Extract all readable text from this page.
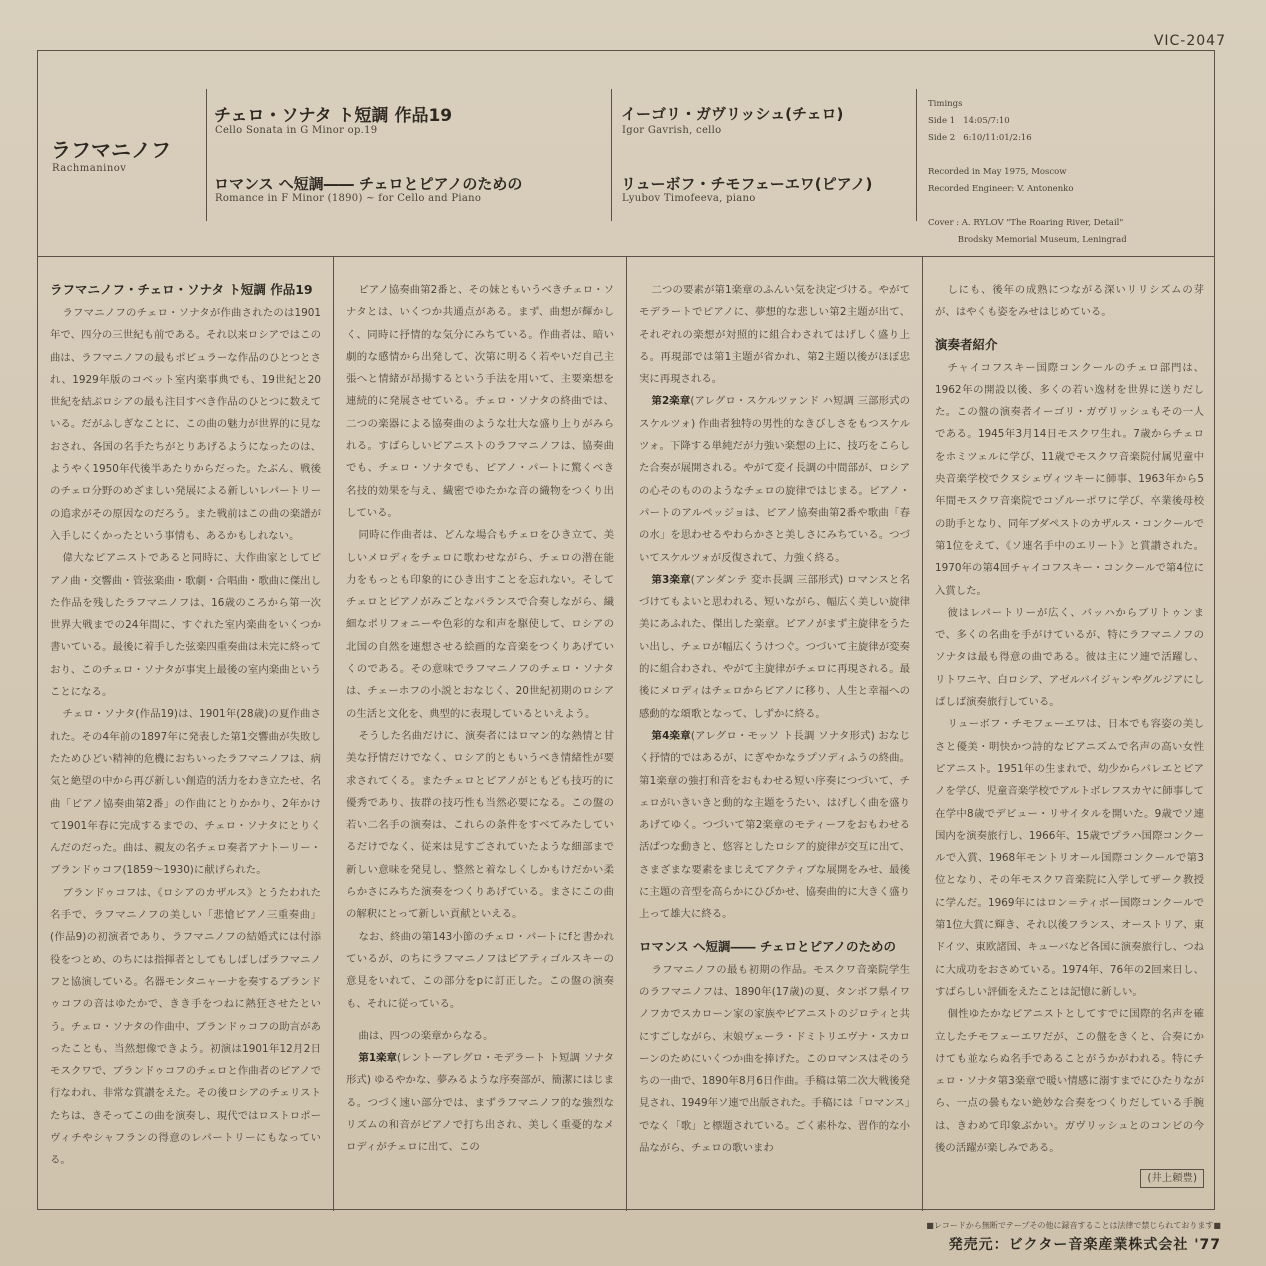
VIC-2047
ラフマニノフ
Rachmaninov
チェロ・ソナタ ト短調 作品19
Cello Sonata in G Minor op.19
ロマンス へ短調―― チェロとピアノのための
Romance in F Minor (1890) ~ for Cello and Piano
イーゴリ・ガヴリッシュ(チェロ)
Igor Gavrish, cello
リューボフ・チモフェーエワ(ピアノ)
Lyubov Timofeeva, piano
Timings
Side 1   14:05/7:10
Side 2   6:10/11:01/2:16

Recorded in May 1975, Moscow
Recorded Engineer: V. Antonenko

Cover : A. RYLOV "The Roaring River, Detail"
Brodsky Memorial Museum, Leningrad
ラフマニノフ・チェロ・ソナタ ト短調 作品19

ラフマニノフのチェロ・ソナタが作曲されたのは1901年で、四分の三世紀も前である。それ以来ロシアではこの曲は、ラフマニノフの最もポピュラーな作品のひとつとされ、1929年版のコベット室内楽事典でも、19世紀と20世紀を結ぶロシアの最も注目すべき作品のひとつに数えている。だがふしぎなことに、この曲の魅力が世界的に見なおされ、各国の名手たちがとりあげるようになったのは、ようやく1950年代後半あたりからだった。たぶん、戦後のチェロ分野のめざましい発展による新しいレパートリーの追求がその原因なのだろう。また戦前はこの曲の楽譜が入手しにくかったという事情も、あるかもしれない。

偉大なピアニストであると同時に、大作曲家としてピアノ曲・交響曲・管弦楽曲・歌劇・合唱曲・歌曲に傑出した作品を残したラフマニノフは、16歳のころから第一次世界大戦までの24年間に、すぐれた室内楽曲をいくつか書いている。最後に着手した弦楽四重奏曲は未完に終っており、このチェロ・ソナタが事実上最後の室内楽曲ということになる。

チェロ・ソナタ(作品19)は、1901年(28歳)の夏作曲された。その4年前の1897年に発表した第1交響曲が失敗したためひどい精神的危機におちいったラフマニノフは、病気と絶望の中から再び新しい創造的活力をわき立たせ、名曲「ピアノ協奏曲第2番」の作曲にとりかかり、2年かけて1901年春に完成するまでの、チェロ・ソナタにとりくんだのだった。曲は、親友の名チェロ奏者アナトーリー・ブランドゥコフ(1859〜1930)に献げられた。

ブランドゥコフは、《ロシアのカザルス》とうたわれた名手で、ラフマニノフの美しい「悲愴ピアノ三重奏曲」(作品9)の初演者であり、ラフマニノフの結婚式には付添役をつとめ、のちには指揮者としてもしばしばラフマニノフと協演している。名器モンタニャーナを奏するブランドゥコフの音はゆたかで、きき手をつねに熱狂させたという。チェロ・ソナタの作曲中、ブランドゥコフの助言があったことも、当然想像できよう。初演は1901年12月2日モスクワで、ブランドゥコフのチェロと作曲者のピアノで行なわれ、非常な賞讃をえた。その後ロシアのチェリストたちは、きそってこの曲を演奏し、現代ではロストロポーヴィチやシャフランの得意のレパートリーにもなっている。

ピアノ協奏曲第2番と、その妹ともいうべきチェロ・ソナタとは、いくつか共通点がある。まず、曲想が輝かしく、同時に抒情的な気分にみちている。作曲者は、暗い劇的な感情から出発して、次第に明るく若やいだ自己主張へと情緒が昂揚するという手法を用いて、主要楽想を連続的に発展させている。チェロ・ソナタの終曲では、二つの楽器による協奏曲のような壮大な盛り上りがみられる。すばらしいピアニストのラフマニノフは、協奏曲でも、チェロ・ソナタでも、ピアノ・パートに驚くべき名技的効果を与え、繊密でゆたかな音の織物をつくり出している。

同時に作曲者は、どんな場合もチェロをひき立て、美しいメロディをチェロに歌わせながら、チェロの潜在能力をもっとも印象的にひき出すことを忘れない。そしてチェロとピアノがみごとなバランスで合奏しながら、繊細なポリフォニーや色彩的な和声を駆使して、ロシアの北国の自然を連想させる絵画的な音楽をつくりあげていくのである。その意味でラフマニノフのチェロ・ソナタは、チェーホフの小説とおなじく、20世紀初期のロシアの生活と文化を、典型的に表現しているといえよう。

そうした名曲だけに、演奏者にはロマン的な熱情と甘美な抒情だけでなく、ロシア的ともいうべき情緒性が要求されてくる。またチェロとピアノがともども技巧的に優秀であり、抜群の技巧性も当然必要になる。この盤の若い二名手の演奏は、これらの条件をすべてみたしているだけでなく、従来は見すごされていたような細部まで新しい意味を発見し、整然と着なしくしかもけだかい柔らかさにみちた演奏をつくりあげている。まさにこの曲の解釈にとって新しい貢献といえる。

なお、終曲の第143小節のチェロ・パートにfと書かれているが、のちにラフマニノフはピアティゴルスキーの意見をいれて、この部分をpに訂正した。この盤の演奏も、それに従っている。

曲は、四つの楽章からなる。

第1楽章(レントーアレグロ・モデラート ト短調 ソナタ形式) ゆるやかな、夢みるような序奏部が、簡潔にはじまる。つづく速い部分では、まずラフマニノフ的な強烈なリズムの和音がピアノで打ち出され、美しく重憂的なメロディがチェロに出て、この

二つの要素が第1楽章のふんい気を決定づける。やがてモデラートでピアノに、夢想的な悲しい第2主題が出て、それぞれの楽想が対照的に組合わされてはげしく盛り上る。再現部では第1主題が省かれ、第2主題以後がほぼ忠実に再現される。

第2楽章(アレグロ・スケルツァンド ハ短調 三部形式のスケルツォ) 作曲者独特の男性的なきびしさをもつスケルツォ。下降する単純だが力強い楽想の上に、技巧をこらした合奏が展開される。やがて変イ長調の中間部が、ロシアの心そのもののようなチェロの旋律ではじまる。ピアノ・パートのアルペッジョは、ピアノ協奏曲第2番や歌曲「春の水」を思わせるやわらかさと美しさにみちている。つづいてスケルツォが反復されて、力強く終る。

第3楽章(アンダンテ 変ホ長調 三部形式) ロマンスと名づけてもよいと思われる、短いながら、幅広く美しい旋律美にあふれた、傑出した楽章。ピアノがまず主旋律をうたい出し、チェロが幅広くうけつぐ。つづいて主旋律が変奏的に組合わされ、やがて主旋律がチェロに再現される。最後にメロディはチェロからピアノに移り、人生と幸福への感動的な頌歌となって、しずかに終る。

第4楽章(アレグロ・モッソ ト長調 ソナタ形式) おなじく抒情的ではあるが、にぎやかなラプソディふうの終曲。第1楽章の強打和音をおもわせる短い序奏につづいて、チェロがいきいきと動的な主題をうたい、はげしく曲を盛りあげてゆく。つづいて第2楽章のモティーフをおもわせる活ぱつな動きと、悠容としたロシア的旋律が交互に出て、さまざまな要素をまじえてアクティブな展開をみせ、最後に主題の音型を高らかにひびかせ、協奏曲的に大きく盛り上って雄大に終る。

ロマンス へ短調―― チェロとピアノのための

ラフマニノフの最も初期の作品。モスクワ音楽院学生のラフマニノフは、1890年(17歳)の夏、タンボフ県イワノフカでスカローン家の家族やピアニストのジロティと共にすごしながら、末娘ヴェーラ・ドミトリエヴナ・スカローンのためにいくつか曲を捧げた。このロマンスはそのうちの一曲で、1890年8月6日作曲。手稿は第二次大戦後発見され、1949年ソ連で出版された。手稿には「ロマンス」でなく「歌」と標題されている。ごく素朴な、習作的な小品ながら、チェロの歌いまわ

しにも、後年の成熟につながる深いリリシズムの芽が、はやくも姿をみせはじめている。

演奏者紹介

チャイコフスキー国際コンクールのチェロ部門は、1962年の開設以後、多くの若い逸材を世界に送りだした。この盤の演奏者イーゴリ・ガヴリッシュもその一人である。1945年3月14日モスクワ生れ。7歳からチェロをホミツェルに学び、11歳でモスクワ音楽院付属児童中央音楽学校でクヌシェヴィツキーに師事、1963年から5年間モスクワ音楽院でコゾルーポワに学び、卒業後母校の助手となり、同年ブダペストのカザルス・コンクールで第1位をえて、《ソ連名手中のエリート》と賞讃された。1970年の第4回チャイコフスキー・コンクールで第4位に入賞した。

彼はレパートリーが広く、バッハからブリトゥンまで、多くの名曲を手がけているが、特にラフマニノフのソナタは最も得意の曲である。彼は主にソ連で活躍し、リトワニヤ、白ロシア、アゼルバイジャンやグルジアにしばしば演奏旅行している。

リューボフ・チモフェーエワは、日本でも容姿の美しさと優美・明快かつ詩的なピアニズムで名声の高い女性ピアニスト。1951年の生まれで、幼少からバレエとピアノを学び、児童音楽学校でアルトボレフスカヤに師事して在学中8歳でデビュー・リサイタルを開いた。9歳でソ連国内を演奏旅行し、1966年、15歳でプラハ国際コンクールで入賞、1968年モントリオール国際コンクールで第3位となり、その年モスクワ音楽院に入学してザーク教授に学んだ。1969年にはロン＝ティボー国際コンクールで第1位大賞に輝き、それ以後フランス、オーストリア、東ドイツ、東欧諸国、キューバなど各国に演奏旅行し、つねに大成功をおさめている。1974年、76年の2回来日し、すばらしい評価をえたことは記憶に新しい。

個性ゆたかなピアニストとしてすでに国際的名声を確立したチモフェーエワだが、この盤をきくと、合奏にかけても並ならぬ名手であることがうかがわれる。特にチェロ・ソナタ第3楽章で暖い情感に溺すまでにひたりながら、一点の曇もない絶妙な合奏をつくりだしている手腕は、きわめて印象ぶかい。ガヴリッシュとのコンビの今後の活躍が楽しみである。

(井上頼豊)
■レコードから無断でテープその他に録音することは法律で禁じられております■
発売元：ビクター音楽産業株式会社 '77
